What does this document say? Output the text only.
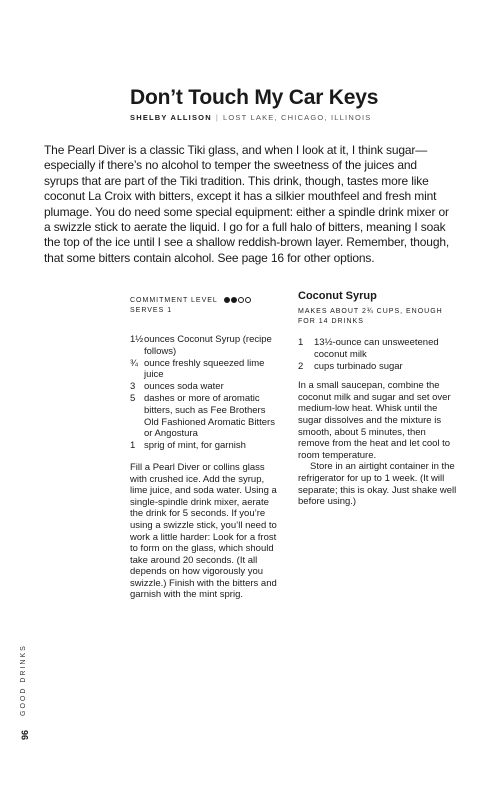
Don’t Touch My Car Keys
SHELBY ALLISON | LOST LAKE, CHICAGO, ILLINOIS

The Pearl Diver is a classic Tiki glass, and when I look at it, I think sugar—especially if there’s no alcohol to temper the sweetness of the juices and syrups that are part of the Tiki tradition. This drink, though, tastes more like coconut La Croix with bitters, except it has a silkier mouthfeel and fresh mint plumage. You do need some special equipment: either a spindle drink mixer or a swizzle stick to aerate the liquid. I go for a full halo of bitters, meaning I soak the top of the ice until I see a shallow reddish-brown layer. Remember, though, that some bitters contain alcohol. See page 16 for other options.

COMMITMENT LEVEL
SERVES 1
1½ ounces Coconut Syrup (recipe follows)
¾ ounce freshly squeezed lime juice
3 ounces soda water
5 dashes or more of aromatic bitters, such as Fee Brothers Old Fashioned Aromatic Bitters or Angostura
1 sprig of mint, for garnish

Fill a Pearl Diver or collins glass with crushed ice. Add the syrup, lime juice, and soda water. Using a single-spindle drink mixer, aerate the drink for 5 seconds. If you’re using a swizzle stick, you’ll need to work a little harder: Look for a frost to form on the glass, which should take around 20 seconds. (It all depends on how vigorously you swizzle.) Finish with the bitters and garnish with the mint sprig.

Coconut Syrup
MAKES ABOUT 2¾ CUPS, ENOUGH FOR 14 DRINKS
1	13½-ounce can unsweetened coconut milk
2	cups turbinado sugar

In a small saucepan, combine the coconut milk and sugar and set over medium-low heat. Whisk until the sugar dissolves and the mixture is smooth, about 5 minutes, then remove from the heat and let cool to room temperature.

Store in an airtight container in the refrigerator for up to 1 week. (It will separate; this is okay. Just shake well before using.)

GOOD DRINKS
96
